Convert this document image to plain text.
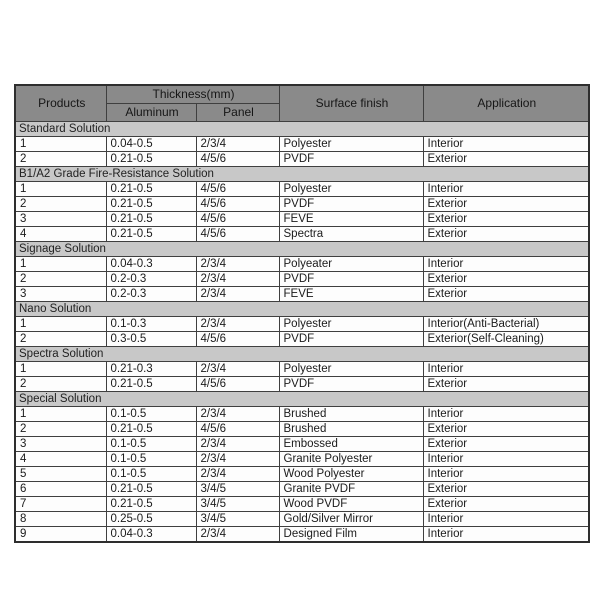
Products	Thickness(mm)		Surface finish	Application
	Aluminum	Panel		
Standard Solution				
1	0.04-0.5	2/3/4	Polyester	Interior
2	0.21-0.5	4/5/6	PVDF	Exterior
B1/A2 Grade Fire-Resistance Solution				
1	0.21-0.5	4/5/6	Polyester	Interior
2	0.21-0.5	4/5/6	PVDF	Exterior
3	0.21-0.5	4/5/6	FEVE	Exterior
4	0.21-0.5	4/5/6	Spectra	Exterior
Signage Solution				
1	0.04-0.3	2/3/4	Polyeater	Interior
2	0.2-0.3	2/3/4	PVDF	Exterior
3	0.2-0.3	2/3/4	FEVE	Exterior
Nano Solution				
1	0.1-0.3	2/3/4	Polyester	Interior(Anti-Bacterial)
2	0.3-0.5	4/5/6	PVDF	Exterior(Self-Cleaning)
Spectra Solution				
1	0.21-0.3	2/3/4	Polyester	Interior
2	0.21-0.5	4/5/6	PVDF	Exterior
Special Solution				
1	0.1-0.5	2/3/4	Brushed	Interior
2	0.21-0.5	4/5/6	Brushed	Exterior
3	0.1-0.5	2/3/4	Embossed	Exterior
4	0.1-0.5	2/3/4	Granite Polyester	Interior
5	0.1-0.5	2/3/4	Wood Polyester	Interior
6	0.21-0.5	3/4/5	Granite PVDF	Exterior
7	0.21-0.5	3/4/5	Wood PVDF	Exterior
8	0.25-0.5	3/4/5	Gold/Silver Mirror	Interior
9	0.04-0.3	2/3/4	Designed Film	Interior
